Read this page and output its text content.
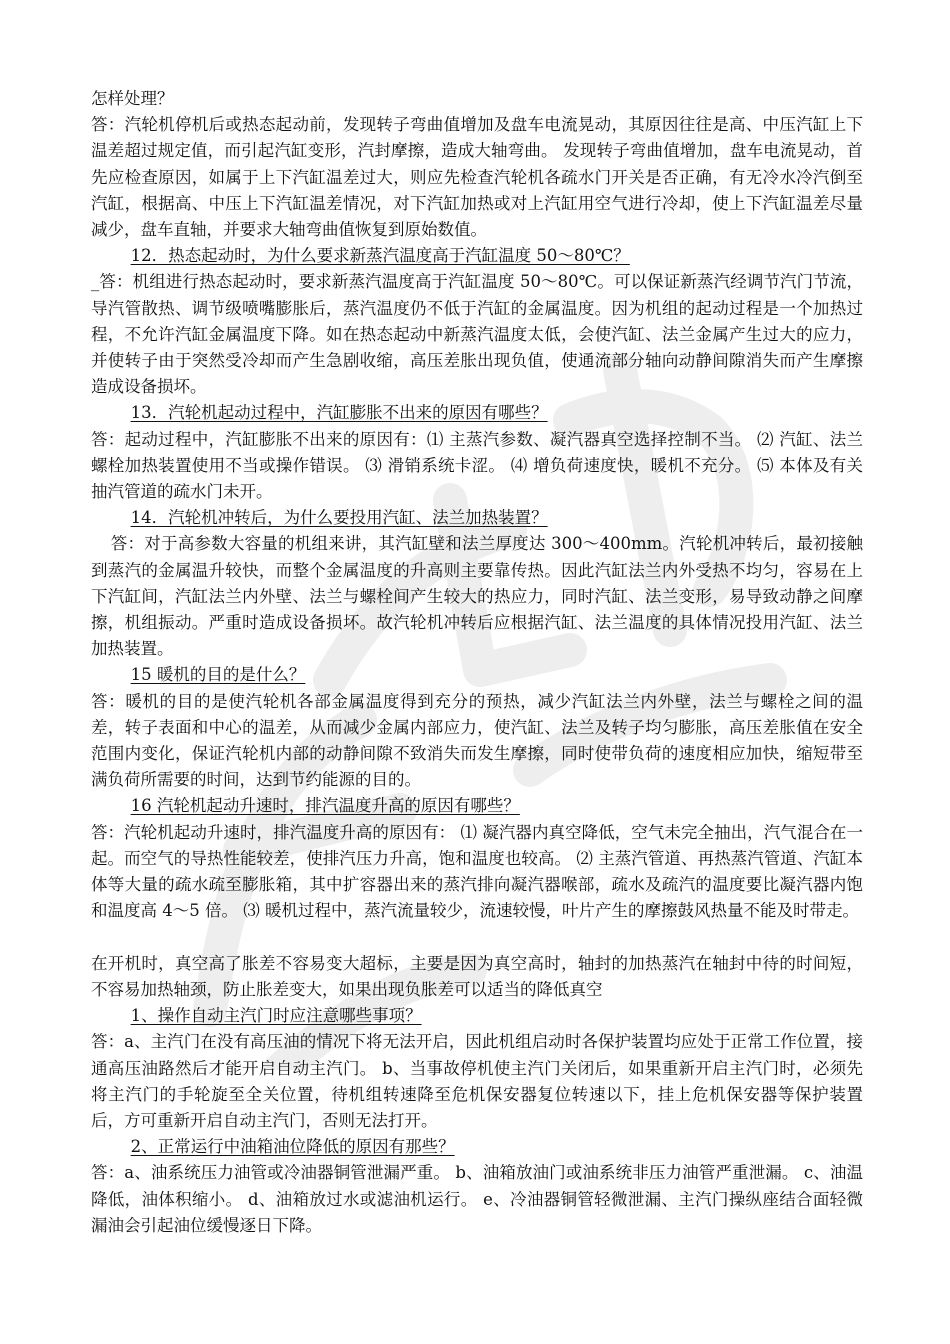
怎样处理？

答：汽轮机停机后或热态起动前，发现转子弯曲值增加及盘车电流晃动，其原因往往是高、中压汽缸上下温差超过规定值，而引起汽缸变形，汽封摩擦，造成大轴弯曲。 发现转子弯曲值增加，盘车电流晃动，首先应检查原因，如属于上下汽缸温差过大，则应先检查汽轮机各疏水门开关是否正确，有无冷水冷汽倒至汽缸，根据高、中压上下汽缸温差情况，对下汽缸加热或对上汽缸用空气进行冷却，使上下汽缸温差尽量减少，盘车直轴，并要求大轴弯曲值恢复到原始数值。

12．热态起动时，为什么要求新蒸汽温度高于汽缸温度 50～80℃？

_答：机组进行热态起动时，要求新蒸汽温度高于汽缸温度 50～80℃。可以保证新蒸汽经调节汽门节流，导汽管散热、调节级喷嘴膨胀后，蒸汽温度仍不低于汽缸的金属温度。因为机组的起动过程是一个加热过程，不允许汽缸金属温度下降。如在热态起动中新蒸汽温度太低，会使汽缸、法兰金属产生过大的应力，并使转子由于突然受冷却而产生急剧收缩，高压差胀出现负值，使通流部分轴向动静间隙消失而产生摩擦造成设备损坏。

13．汽轮机起动过程中，汽缸膨胀不出来的原因有哪些？

答：起动过程中，汽缸膨胀不出来的原因有：⑴ 主蒸汽参数、凝汽器真空选择控制不当。 ⑵ 汽缸、法兰螺栓加热装置使用不当或操作错误。 ⑶ 滑销系统卡涩。 ⑷ 增负荷速度快，暖机不充分。 ⑸ 本体及有关抽汽管道的疏水门未开。

14．汽轮机冲转后，为什么要投用汽缸、法兰加热装置？

答：对于高参数大容量的机组来讲，其汽缸壁和法兰厚度达 300～400mm。汽轮机冲转后，最初接触到蒸汽的金属温升较快，而整个金属温度的升高则主要靠传热。因此汽缸法兰内外受热不均匀，容易在上下汽缸间，汽缸法兰内外壁、法兰与螺栓间产生较大的热应力，同时汽缸、法兰变形，易导致动静之间摩擦，机组振动。严重时造成设备损坏。故汽轮机冲转后应根据汽缸、法兰温度的具体情况投用汽缸、法兰加热装置。

15 暖机的目的是什么？

答：暖机的目的是使汽轮机各部金属温度得到充分的预热，减少汽缸法兰内外壁，法兰与螺栓之间的温差，转子表面和中心的温差，从而减少金属内部应力，使汽缸、法兰及转子均匀膨胀，高压差胀值在安全范围内变化，保证汽轮机内部的动静间隙不致消失而发生摩擦，同时使带负荷的速度相应加快，缩短带至满负荷所需要的时间，达到节约能源的目的。

16 汽轮机起动升速时，排汽温度升高的原因有哪些？

答：汽轮机起动升速时，排汽温度升高的原因有： ⑴ 凝汽器内真空降低，空气未完全抽出，汽气混合在一起。而空气的导热性能较差，使排汽压力升高，饱和温度也较高。 ⑵ 主蒸汽管道、再热蒸汽管道、汽缸本体等大量的疏水疏至膨胀箱，其中扩容器出来的蒸汽排向凝汽器喉部，疏水及疏汽的温度要比凝汽器内饱和温度高 4～5 倍。 ⑶ 暖机过程中，蒸汽流量较少，流速较慢，叶片产生的摩擦鼓风热量不能及时带走。

在开机时，真空高了胀差不容易变大超标，主要是因为真空高时，轴封的加热蒸汽在轴封中待的时间短，不容易加热轴颈，防止胀差变大，如果出现负胀差可以适当的降低真空

1、操作自动主汽门时应注意哪些事项？

答：a、主汽门在没有高压油的情况下将无法开启，因此机组启动时各保护装置均应处于正常工作位置，接通高压油路然后才能开启自动主汽门。 b、当事故停机使主汽门关闭后，如果重新开启主汽门时，必须先将主汽门的手轮旋至全关位置，待机组转速降至危机保安器复位转速以下，挂上危机保安器等保护装置后，方可重新开启自动主汽门，否则无法打开。

2、正常运行中油箱油位降低的原因有那些？

答：a、油系统压力油管或冷油器铜管泄漏严重。 b、油箱放油门或油系统非压力油管严重泄漏。 c、油温降低，油体积缩小。 d、油箱放过水或滤油机运行。 e、冷油器铜管轻微泄漏、主汽门操纵座结合面轻微漏油会引起油位缓慢逐日下降。
